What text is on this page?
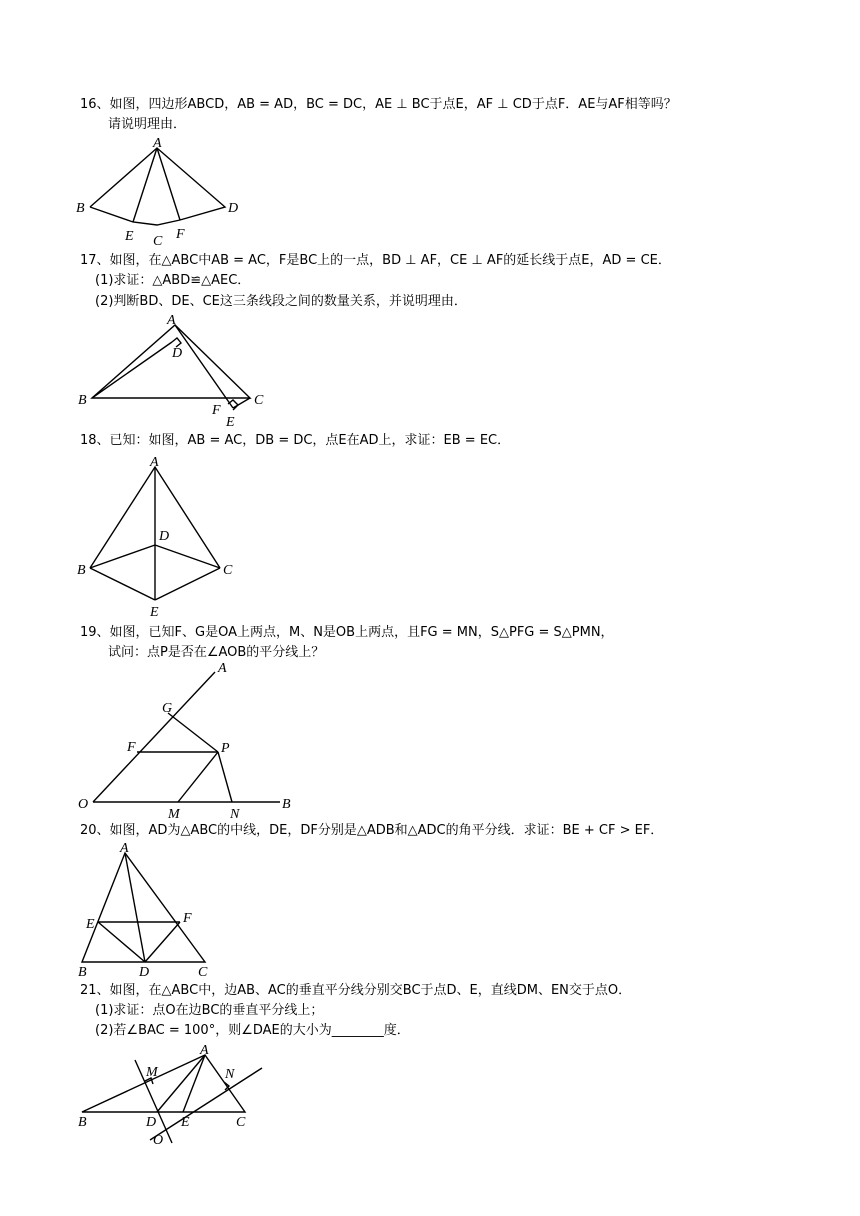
16、如图，四边形ABCD，AB = AD，BC = DC，AE ⊥ BC于点E，AF ⊥ CD于点F．AE与AF相等吗？
请说明理由．
17、如图，在△ABC中AB = AC，F是BC上的一点，BD ⊥ AF，CE ⊥ AF的延长线于点E，AD = CE．
(1)求证：△ABD≌△AEC．
(2)判断BD、DE、CE这三条线段之间的数量关系，并说明理由．
18、已知：如图，AB = AC，DB = DC，点E在AD上，求证：EB = EC．
19、如图，已知F、G是OA上两点，M、N是OB上两点，且FG = MN，S△PFG = S△PMN，
试问：点P是否在∠AOB的平分线上？
20、如图，AD为△ABC的中线，DE，DF分别是△ADB和△ADC的角平分线．求证：BE + CF > EF．
21、如图，在△ABC中，边AB、AC的垂直平分线分别交BC于点D、E，直线DM、EN交于点O．
(1)求证：点O在边BC的垂直平分线上；
(2)若∠BAC = 100°，则∠DAE的大小为________度．
A
B	D
E C F
A
D
B	C
F
E
A
D
B	C
E
A
G
F	P
O
M	N
B
A
E	F
B	D	C
A
M	N
B	D E	C
O
